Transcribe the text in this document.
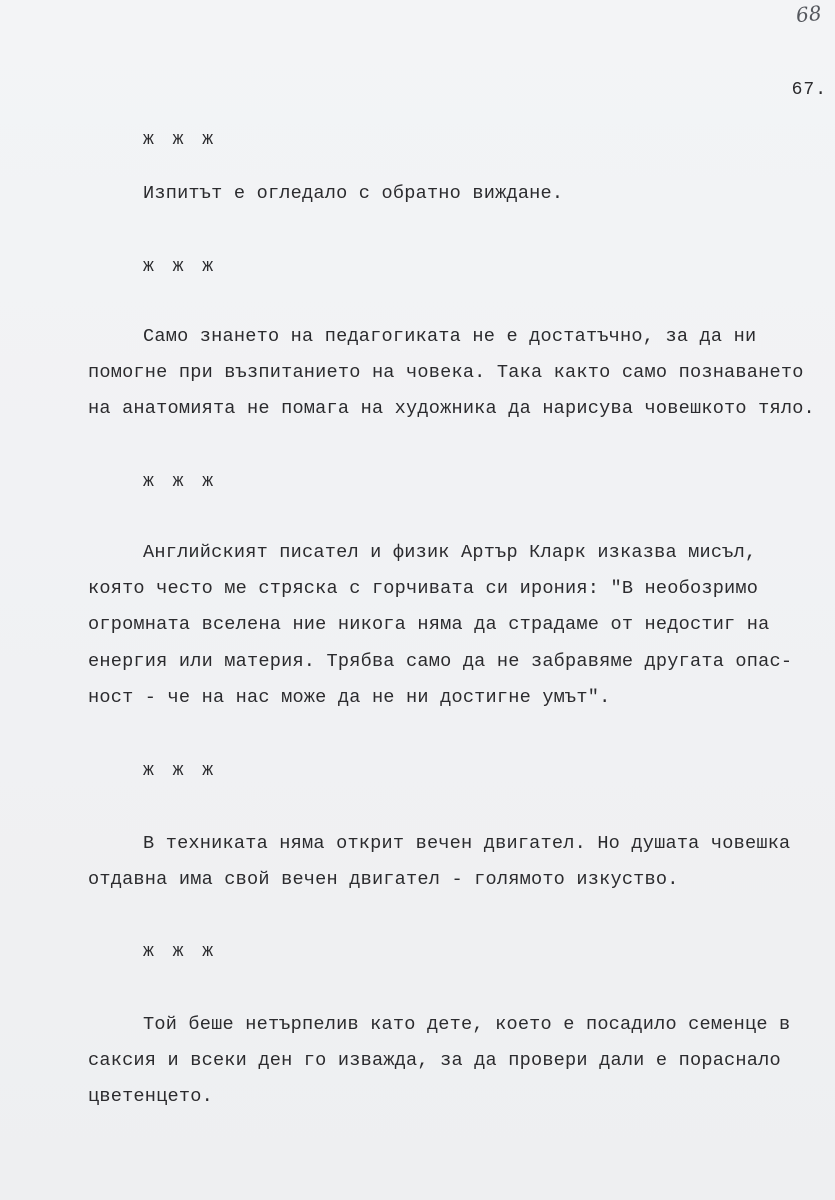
68
67.
ж ж ж
Изпитът е огледало с обратно виждане.
ж ж ж
Само знането на педагогиката не е достатъчно, за да ни
помогне при възпитанието на човека. Така както само познаването
на анатомията не помага на художника да нарисува човешкото тяло.
ж ж ж
Английският писател и физик Артър Кларк изказва мисъл,
която често ме стряска с горчивата си ирония: "В необозримо
огромната вселена ние никога няма да страдаме от недостиг на
енергия или материя. Трябва само да не забравяме другата опас-
ност - че на нас може да не ни достигне умът".
ж ж ж
В техниката няма открит вечен двигател. Но душата човешка
отдавна има свой вечен двигател - голямото изкуство.
ж ж ж
Той беше нетърпелив като дете, което е посадило семенце в
саксия и всеки ден го изважда, за да провери дали е пораснало
цветенцето.
